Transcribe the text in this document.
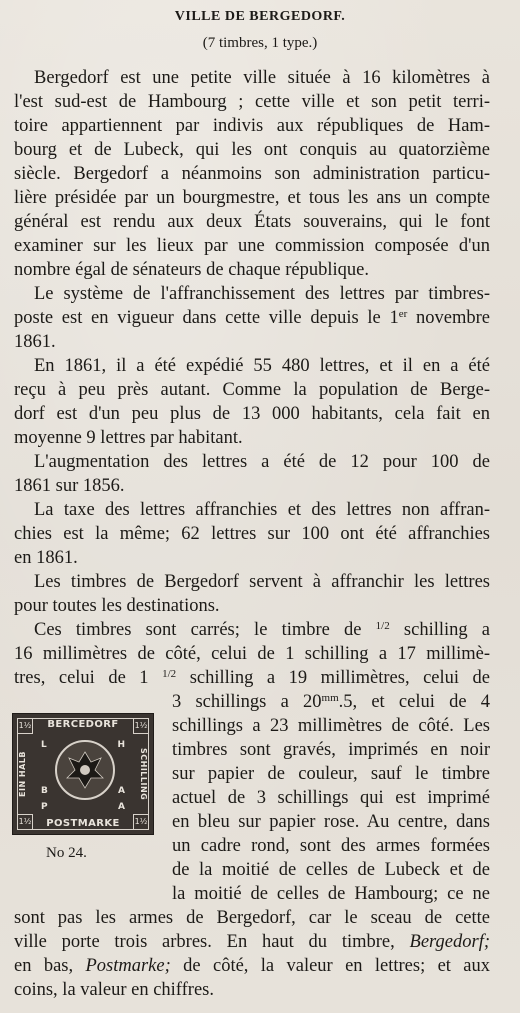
VILLE DE BERGEDORF.
(7 timbres, 1 type.)
Bergedorf est une petite ville située à 16 kilomètres à
l'est sud-est de Hambourg ; cette ville et son petit terri-
toire appartiennent par indivis aux républiques de Ham-
bourg et de Lubeck, qui les ont conquis au quatorzième
siècle. Bergedorf a néanmoins son administration particu-
lière présidée par un bourgmestre, et tous les ans un compte
général est rendu aux deux États souverains, qui le font
examiner sur les lieux par une commission composée d'un
nombre égal de sénateurs de chaque république.
Le système de l'affranchissement des lettres par timbres-
poste est en vigueur dans cette ville depuis le 1er novembre
1861.
En 1861, il a été expédié 55 480 lettres, et il en a été
reçu à peu près autant. Comme la population de Berge-
dorf est d'un peu plus de 13 000 habitants, cela fait en
moyenne 9 lettres par habitant.
L'augmentation des lettres a été de 12 pour 100 de
1861 sur 1856.
La taxe des lettres affranchies et des lettres non affran-
chies est la même; 62 lettres sur 100 ont été affranchies
en 1861.
Les timbres de Bergedorf servent à affranchir les lettres
pour toutes les destinations.
Ces timbres sont carrés; le timbre de $^{1/2}$ schilling a
16 millimètres de côté, celui de 1 schilling a 17 millimè-
tres, celui de 1 $^{1/2}$ schilling a 19 millimètres, celui de
3 schillings a $20^{mm}.5$, et celui de 4
schillings a 23 millimètres de côté. Les
timbres sont gravés, imprimés en noir
sur papier de couleur, sauf le timbre
actuel de 3 schillings qui est imprimé
en bleu sur papier rose. Au centre, dans
un cadre rond, sont des armes formées
de la moitié de celles de Lubeck et de
la moitié de celles de Hambourg; ce ne
sont pas les armes de Bergedorf, car le sceau de cette
ville porte trois arbres. En haut du timbre, Bergedorf;
en bas, Postmarke; de côté, la valeur en lettres; et aux
coins, la valeur en chiffres.
1½	1½
1½	1½
BERCEDORF
POSTMARKE
EIN HALB	SCHILLING
L	H
B	A
P	A
No 24.
